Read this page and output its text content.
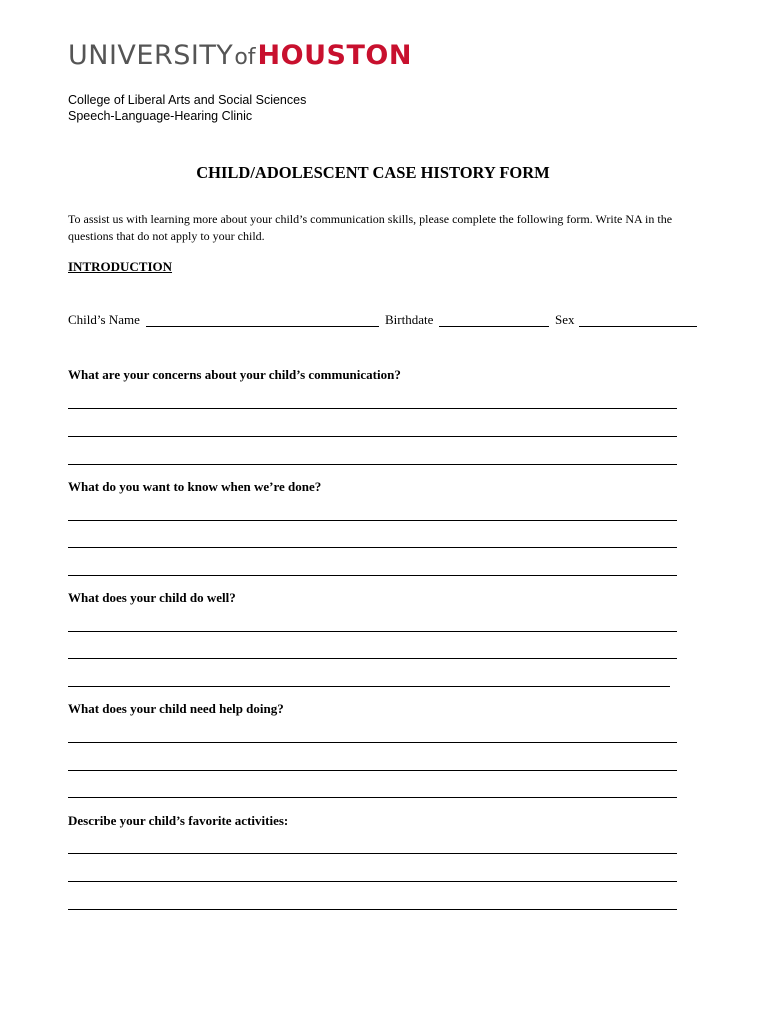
UNIVERSITYofHOUSTON
College of Liberal Arts and Social Sciences
Speech-Language-Hearing Clinic
CHILD/ADOLESCENT CASE HISTORY FORM
To assist us with learning more about your child’s communication skills, please complete the following form. Write NA in the questions that do not apply to your child.
INTRODUCTION
Child’s Name	Birthdate	Sex
What are your concerns about your child’s communication?
What do you want to know when we’re done?
What does your child do well?
What does your child need help doing?
Describe your child’s favorite activities:
